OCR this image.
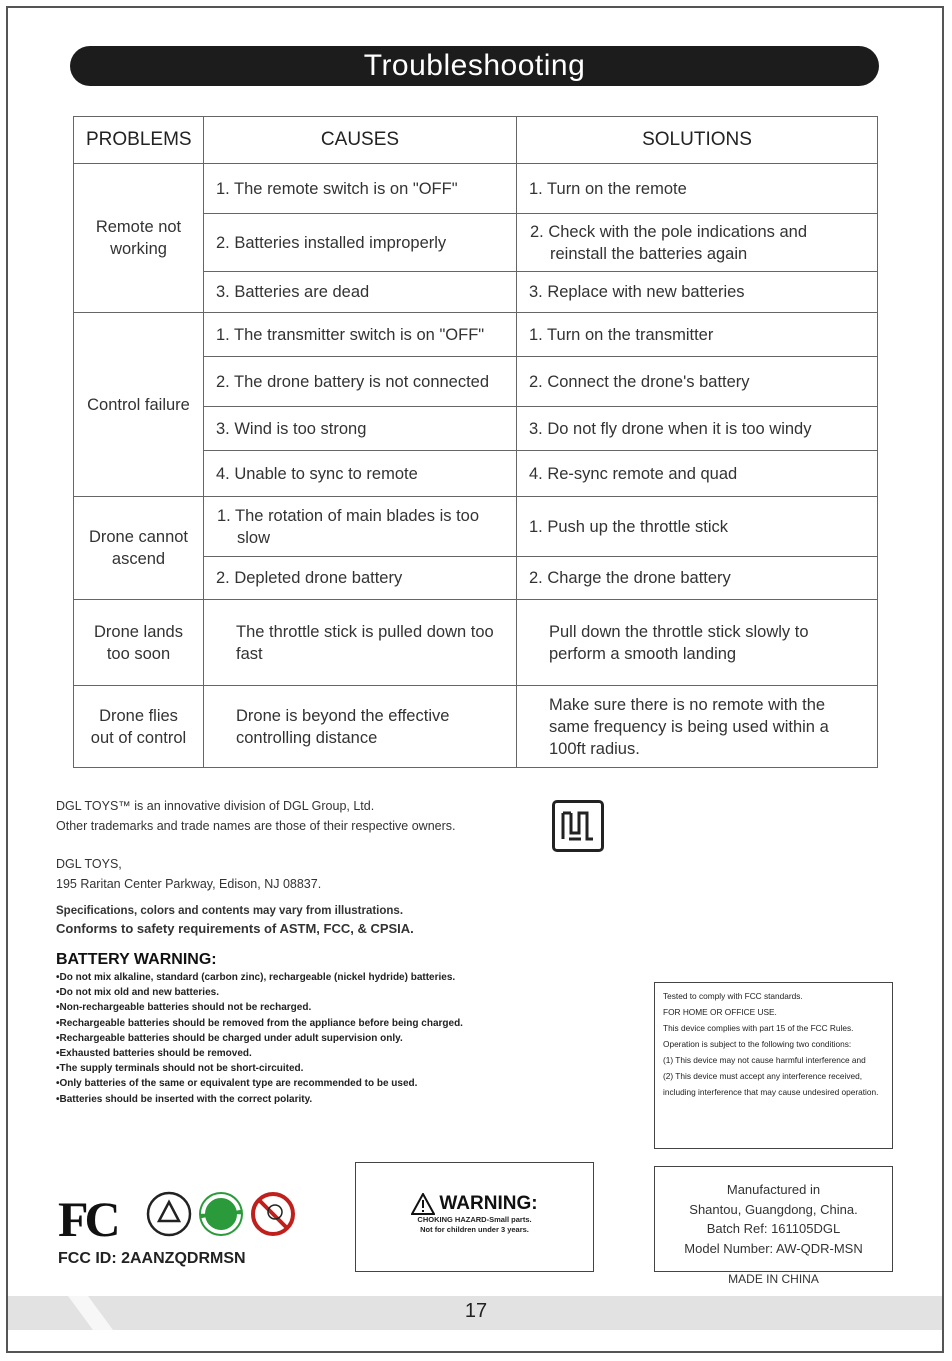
Troubleshooting
PROBLEMS	CAUSES	SOLUTIONS
Remote not working	1. The remote switch is on "OFF"	1. Turn on the remote
	2. Batteries installed improperly	2. Check with the pole indications and reinstall the batteries again
	3. Batteries are dead	3. Replace with new batteries
Control failure	1. The transmitter switch is on "OFF"	1. Turn on the transmitter
	2. The drone battery is not connected	2. Connect the drone's battery
	3. Wind is too strong	3. Do not fly drone when it is too windy
	4. Unable to sync to remote	4. Re-sync remote and quad
Drone cannot ascend	1. The rotation of main blades is too slow	1. Push up the throttle stick
	2. Depleted drone battery	2. Charge the drone battery
Drone lands too soon	The throttle stick is pulled down too fast	Pull down the throttle stick slowly to perform a smooth landing
Drone flies out of control	Drone is beyond the effective controlling distance	Make sure there is no remote with the same frequency is being used within a 100ft radius.
DGL TOYS™ is an innovative division of DGL Group, Ltd.
Other trademarks and trade names are those of their respective owners.
DGL TOYS,
195 Raritan Center Parkway, Edison, NJ 08837.
Specifications, colors and contents may vary from illustrations.
Conforms to safety requirements of ASTM, FCC, & CPSIA.
BATTERY WARNING:
• Do not mix alkaline, standard (carbon zinc), rechargeable (nickel hydride) batteries.
• Do not mix old and new batteries.
• Non-rechargeable batteries should not be recharged.
• Rechargeable batteries should be removed from the appliance before being charged.
• Rechargeable batteries should be charged under adult supervision only.
• Exhausted batteries should be removed.
• The supply terminals should not be short-circuited.
• Only batteries of the same or equivalent type are recommended to be used.
• Batteries should be inserted with the correct polarity.
Tested to comply with FCC standards.
FOR HOME OR OFFICE USE.
This device complies with part 15 of the FCC Rules. Operation is subject to the following two conditions:
(1) This device may not cause harmful interference and
(2) This device must accept any interference received, including interference that may cause undesired operation.
FC
FCC ID: 2AANZQDRMSN
WARNING:
CHOKING HAZARD-Small parts.
Not for children under 3 years.
Manufactured in
Shantou, Guangdong, China.
Batch Ref: 161105DGL
Model Number: AW-QDR-MSN
MADE IN CHINA
17
